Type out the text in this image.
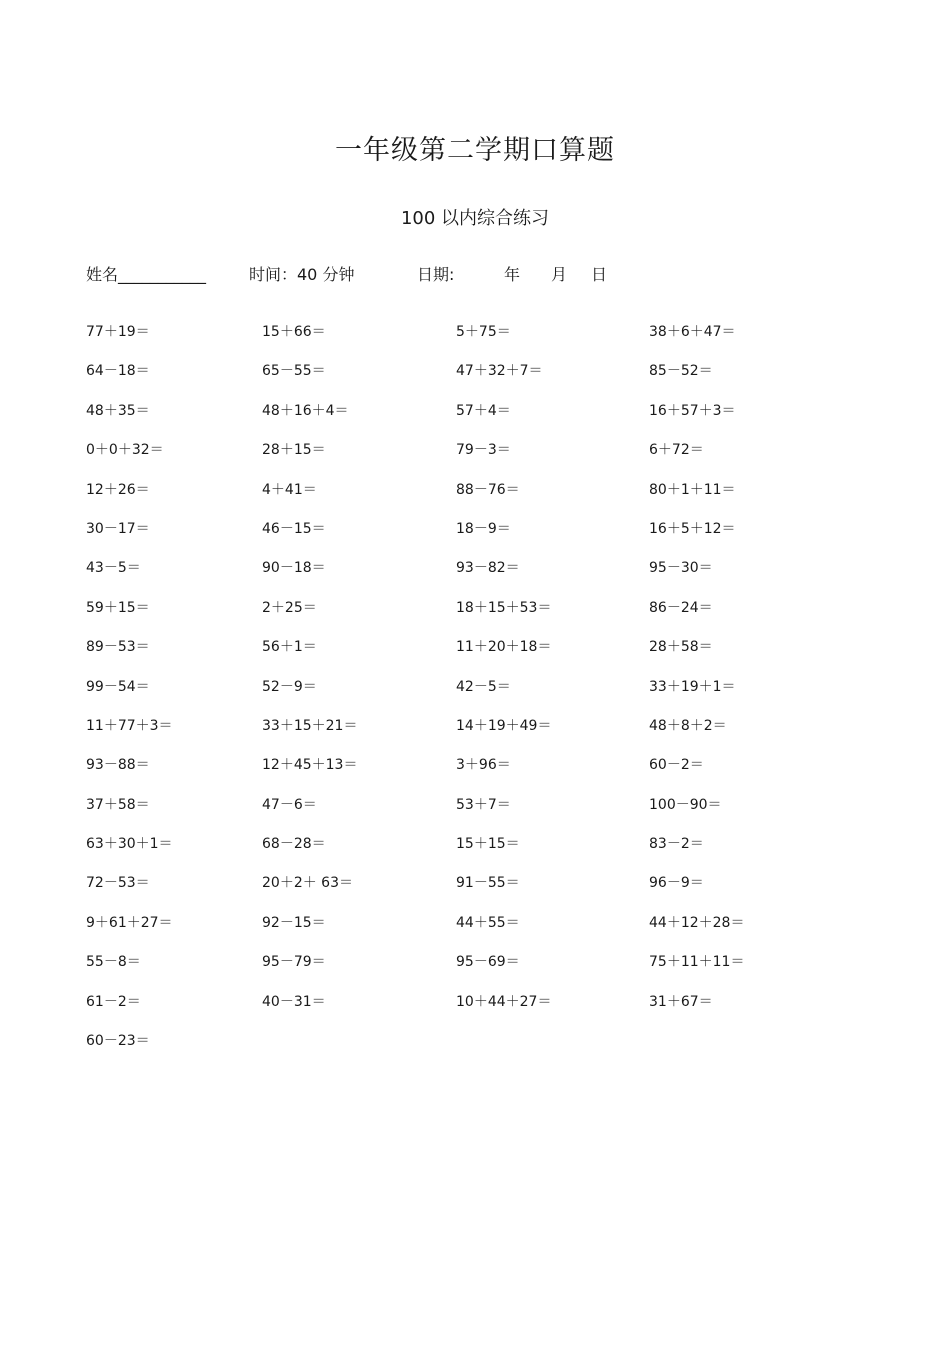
一年级第二学期口算题
100 以内综合练习
姓名___________	时间：40 分钟	日期:	年 月 日
77＋19＝	15＋66＝	5＋75＝	38＋6＋47＝
64－18＝	65－55＝	47＋32＋7＝	85－52＝
48＋35＝	48＋16＋4＝	57＋4＝	16＋57＋3＝
0＋0＋32＝	28＋15＝	79－3＝	6＋72＝
12＋26＝	4＋41＝	88－76＝	80＋1＋11＝
30－17＝	46－15＝	18－9＝	16＋5＋12＝
43－5＝	90－18＝	93－82＝	95－30＝
59＋15＝	2＋25＝	18＋15＋53＝	86－24＝
89－53＝	56＋1＝	11＋20＋18＝	28＋58＝
99－54＝	52－9＝	42－5＝	33＋19＋1＝
11＋77＋3＝	33＋15＋21＝	14＋19＋49＝	48＋8＋2＝
93－88＝	12＋45＋13＝	3＋96＝	60－2＝
37＋58＝	47－6＝	53＋7＝	100－90＝
63＋30＋1＝	68－28＝	15＋15＝	83－2＝
72－53＝	20＋2＋ 63＝	91－55＝	96－9＝
9＋61＋27＝	92－15＝	44＋55＝	44＋12＋28＝
55－8＝	95－79＝	95－69＝	75＋11＋11＝
61－2＝	40－31＝	10＋44＋27＝	31＋67＝
60－23＝
